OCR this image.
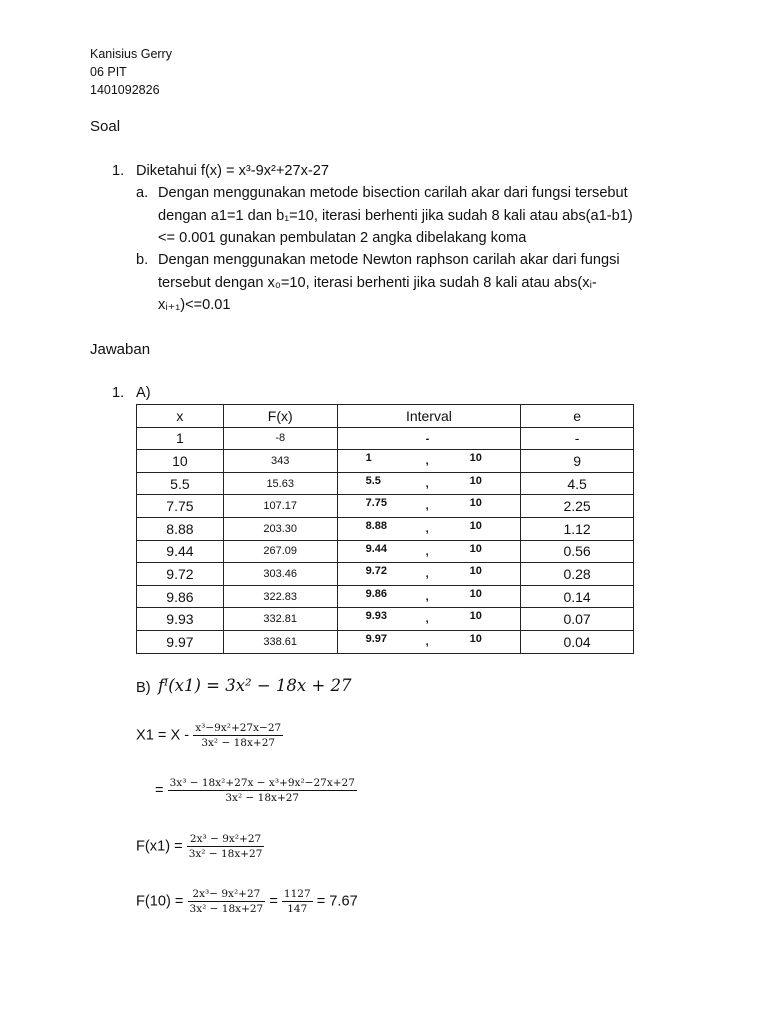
Kanisius Gerry
06 PIT
1401092826
Soal
1. Diketahui f(x) = x³-9x²+27x-27
a. Dengan menggunakan metode bisection carilah akar dari fungsi tersebut
dengan a1=1 dan b₁=10, iterasi berhenti jika sudah 8 kali atau abs(a1-b1)
<= 0.001 gunakan pembulatan 2 angka dibelakang koma
b. Dengan menggunakan metode Newton raphson carilah akar dari fungsi
tersebut dengan x₀=10, iterasi berhenti jika sudah 8 kali atau abs(xᵢ-
xᵢ₊₁)<=0.01
Jawaban
1. A)
x	F(x)	Interval	e
1	-8	-	-
10	343	1 , 10	9
5.5	15.63	5.5 , 10	4.5
7.75	107.17	7.75 , 10	2.25
8.88	203.30	8.88 , 10	1.12
9.44	267.09	9.44 , 10	0.56
9.72	303.46	9.72 , 10	0.28
9.86	322.83	9.86 , 10	0.14
9.93	332.81	9.93 , 10	0.07
9.97	338.61	9.97 , 10	0.04
B) fᴵ(x1) = 3x² − 18x + 27
$X1 = X - \frac{\text{x³−9x²+27x−27}}{\text{3x² − 18x+27}}$
= $\frac{\text{3x³ − 18x²+27x − x³+9x²−27x+27}}{\text{3x² − 18x+27}}$
$F(x1) = \frac{\text{2x³ − 9x²+27}}{\text{3x² − 18x+27}}$
$F(10) = \frac{\text{2x³− 9x²+27}}{\text{3x² − 18x+27}} = \frac{1127}{147} = 7.67$
